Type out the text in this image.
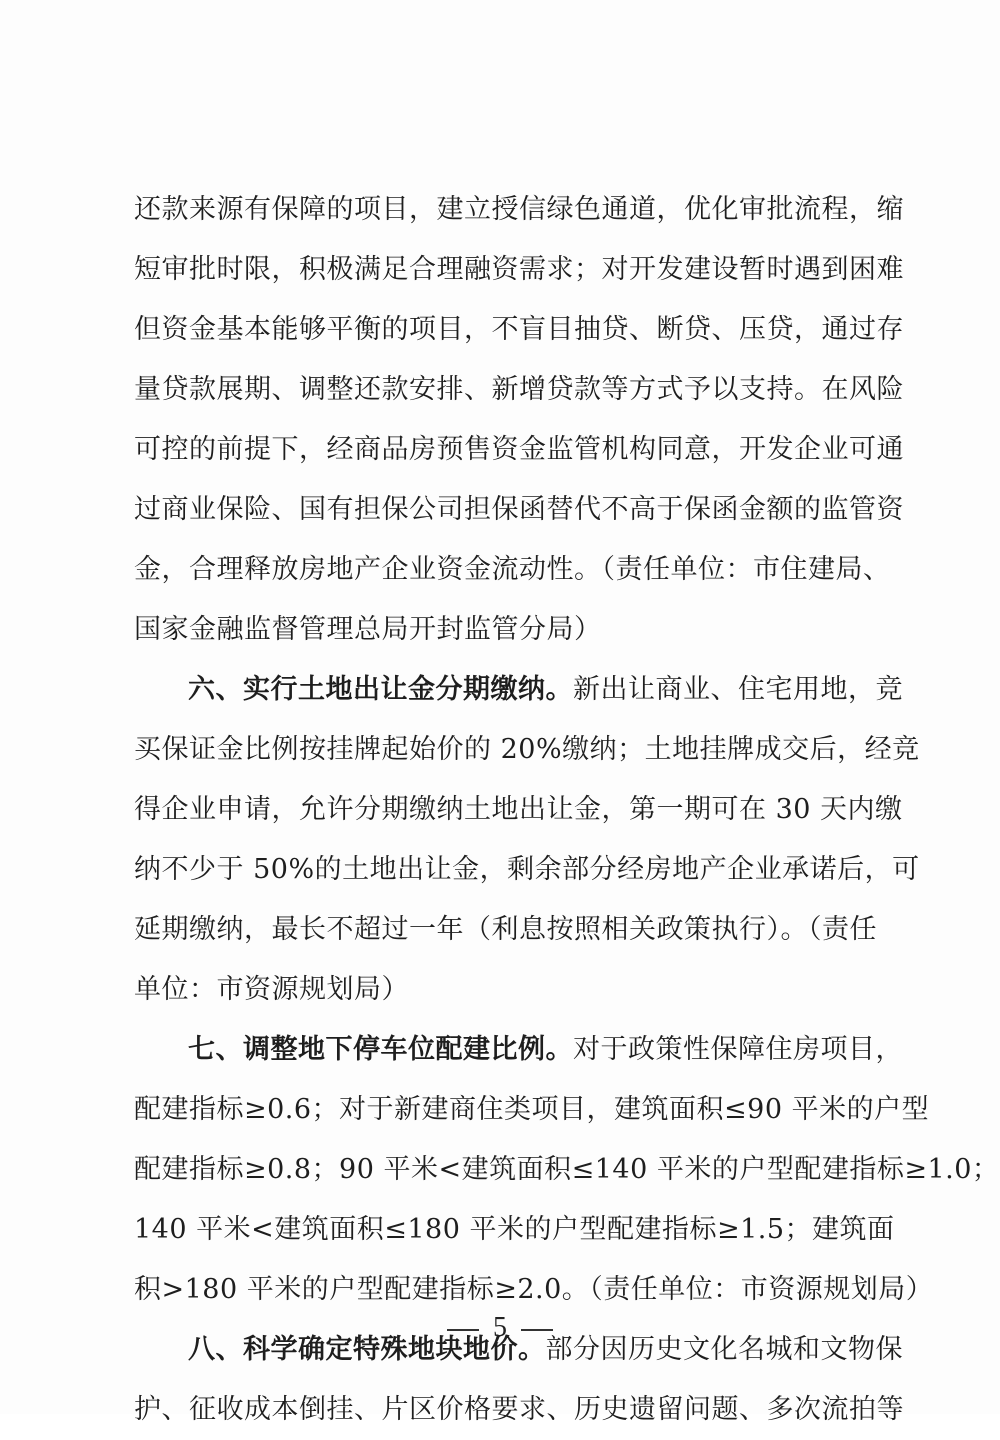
还款来源有保障的项目，建立授信绿色通道，优化审批流程，缩
短审批时限，积极满足合理融资需求；对开发建设暂时遇到困难
但资金基本能够平衡的项目，不盲目抽贷、断贷、压贷，通过存
量贷款展期、调整还款安排、新增贷款等方式予以支持。在风险
可控的前提下，经商品房预售资金监管机构同意，开发企业可通
过商业保险、国有担保公司担保函替代不高于保函金额的监管资
金，合理释放房地产企业资金流动性。（责任单位：市住建局、
国家金融监督管理总局开封监管分局）
六、实行土地出让金分期缴纳。新出让商业、住宅用地，竞
买保证金比例按挂牌起始价的 20%缴纳；土地挂牌成交后，经竞
得企业申请，允许分期缴纳土地出让金，第一期可在 30 天内缴
纳不少于 50%的土地出让金，剩余部分经房地产企业承诺后，可
延期缴纳，最长不超过一年（利息按照相关政策执行）。（责任
单位：市资源规划局）
七、调整地下停车位配建比例。对于政策性保障住房项目，
配建指标≥0.6；对于新建商住类项目，建筑面积≤90 平米的户型
配建指标≥0.8；90 平米<建筑面积≤140 平米的户型配建指标≥1.0；
140 平米<建筑面积≤180 平米的户型配建指标≥1.5；建筑面
积>180 平米的户型配建指标≥2.0。（责任单位：市资源规划局）
八、科学确定特殊地块地价。部分因历史文化名城和文物保
护、征收成本倒挂、片区价格要求、历史遗留问题、多次流拍等
5
